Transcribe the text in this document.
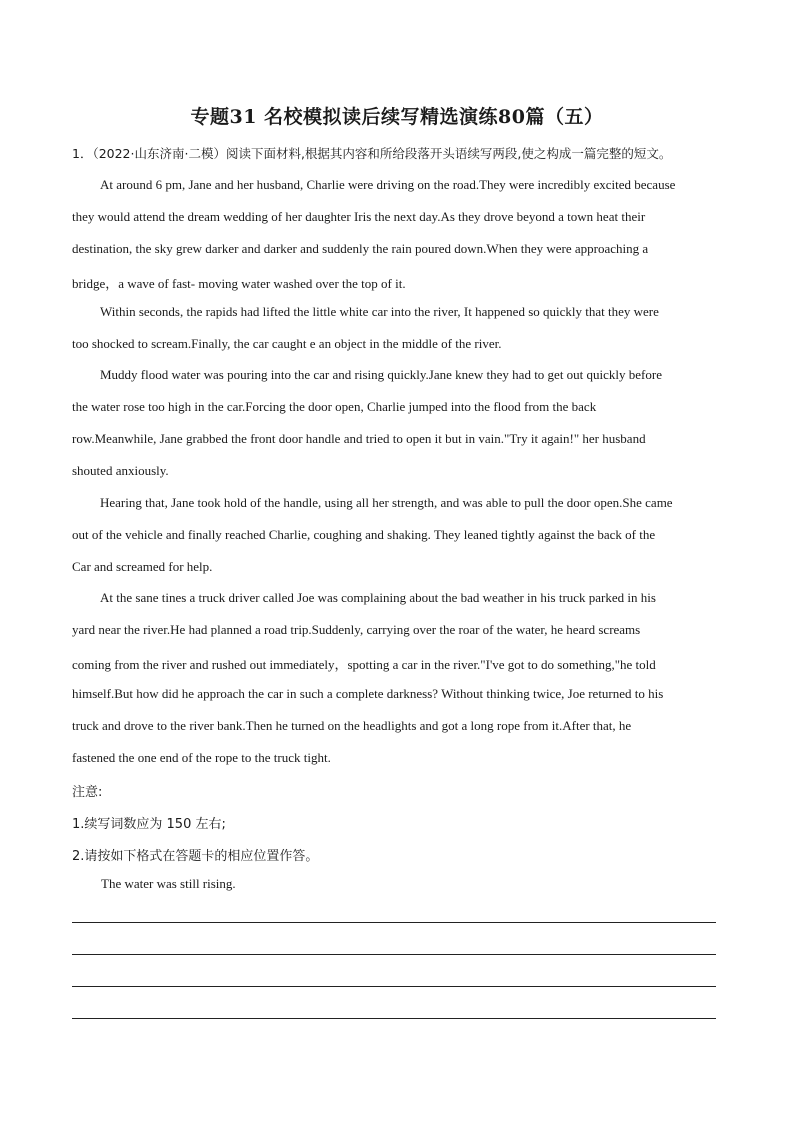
专题31 名校模拟读后续写精选演练80篇（五）
1．（2022·山东济南·二模）阅读下面材料,根据其内容和所给段落开头语续写两段,使之构成一篇完整的短文。
At around 6 pm, Jane and her husband, Charlie were driving on the road.They were incredibly excited because
they would attend the dream wedding of her daughter Iris the next day.As they drove beyond a town heat their
destination, the sky grew darker and darker and suddenly the rain poured down.When they were approaching a
bridge，a wave of fast- moving water washed over the top of it.
Within seconds, the rapids had lifted the little white car into the river, It happened so quickly that they were
too shocked to scream.Finally, the car caught e an object in the middle of the river.
Muddy flood water was pouring into the car and rising quickly.Jane knew they had to get out quickly before
the water rose too high in the car.Forcing the door open, Charlie jumped into the flood from the back
row.Meanwhile, Jane grabbed the front door handle and tried to open it but in vain."Try it again!" her husband
shouted anxiously.
Hearing that, Jane took hold of the handle, using all her strength, and was able to pull the door open.She came
out of the vehicle and finally reached Charlie, coughing and shaking. They leaned tightly against the back of the
Car and screamed for help.
At the sane tines a truck driver called Joe was complaining about the bad weather in his truck parked in his
yard near the river.He had planned a road trip.Suddenly, carrying over the roar of the water, he heard screams
coming from the river and rushed out immediately，spotting a car in the river."I've got to do something,"he told
himself.But how did he approach the car in such a complete darkness? Without thinking twice, Joe returned to his
truck and drove to the river bank.Then he turned on the headlights and got a long rope from it.After that, he
fastened the one end of the rope to the truck tight.
注意:
1.续写词数应为 150 左右;
2.请按如下格式在答题卡的相应位置作答。
The water was still rising.
